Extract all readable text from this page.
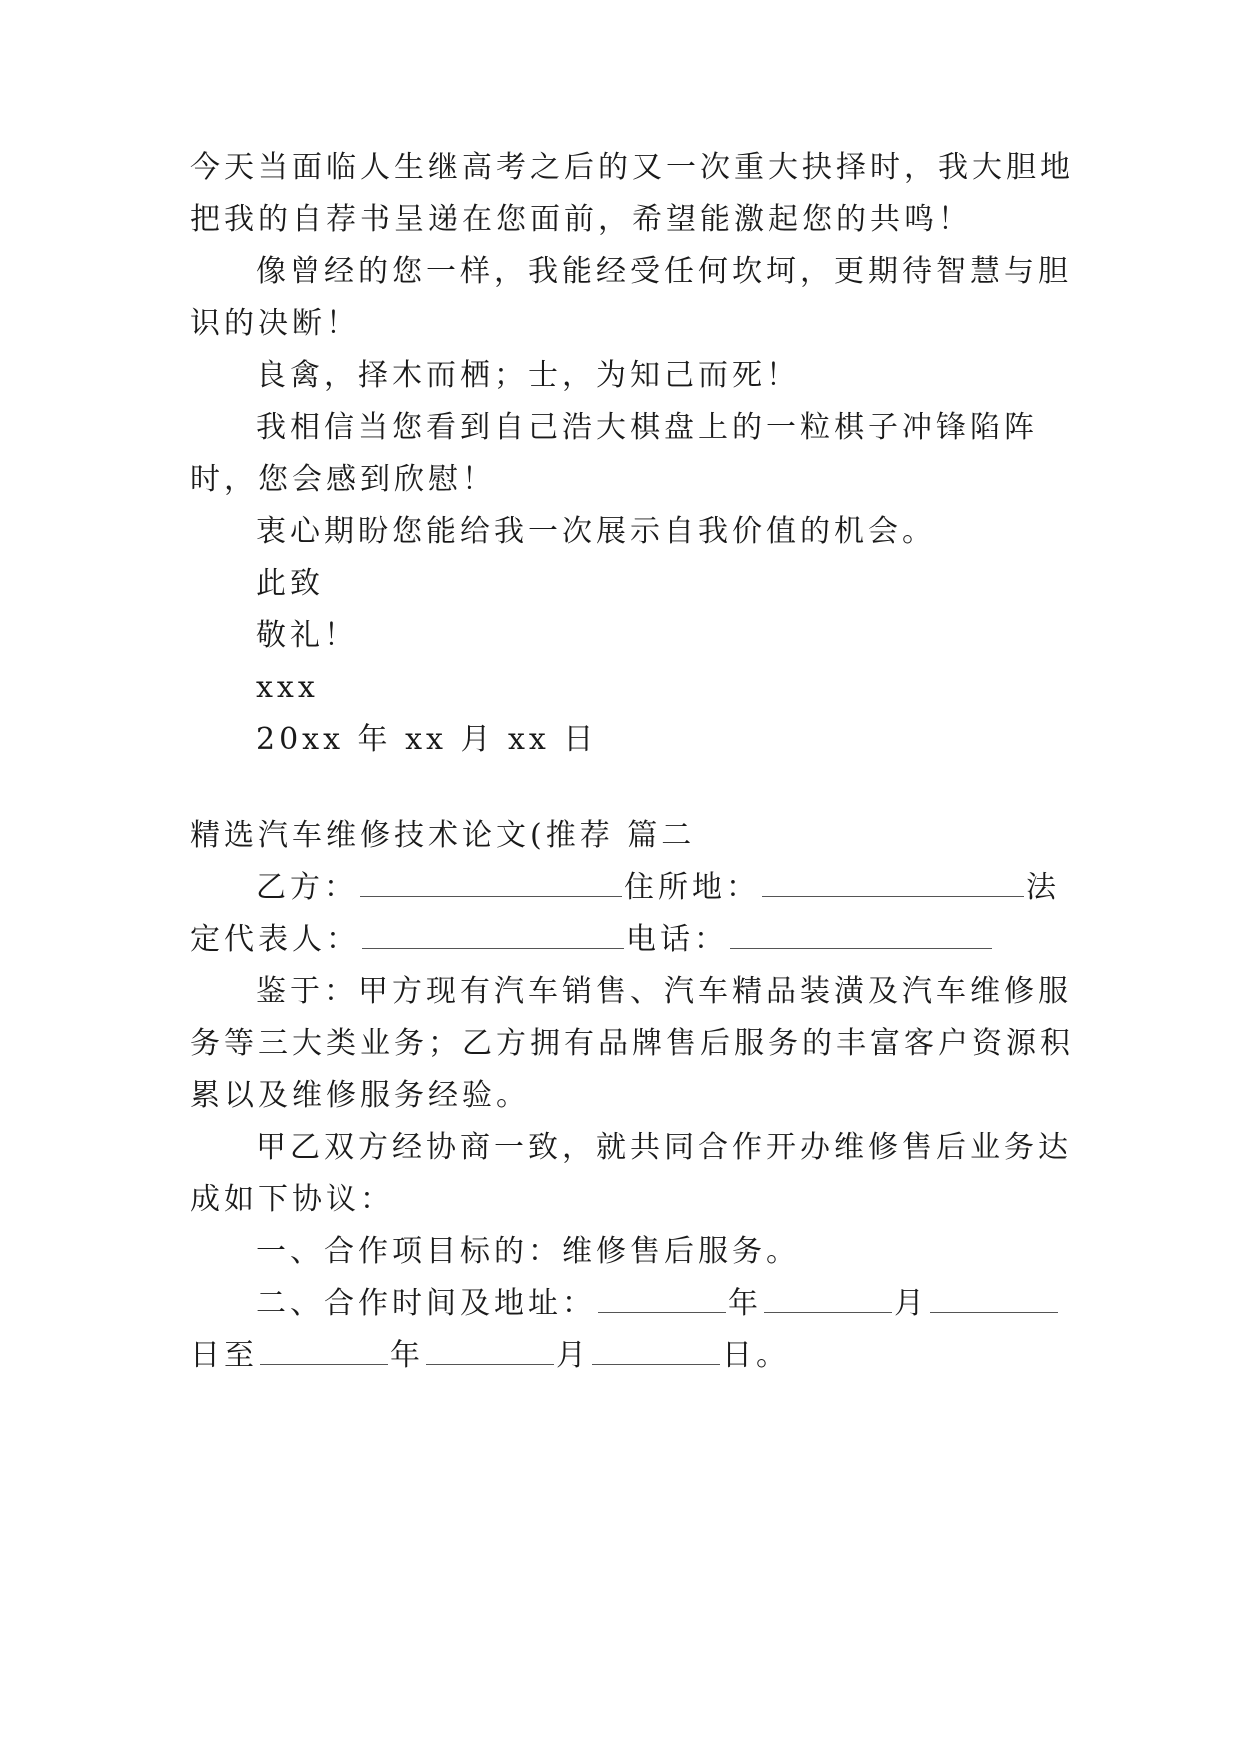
今天当面临人生继高考之后的又一次重大抉择时，我大胆地
把我的自荐书呈递在您面前，希望能激起您的共鸣！
像曾经的您一样，我能经受任何坎坷，更期待智慧与胆
识的决断！
良禽，择木而栖；士，为知己而死！
我相信当您看到自己浩大棋盘上的一粒棋子冲锋陷阵
时，您会感到欣慰！
衷心期盼您能给我一次展示自我价值的机会。
此致
敬礼！
xxx
20xx 年 xx 月 xx 日
精选汽车维修技术论文(推荐 篇二
乙方：	住所地：	法
定代表人：	电话：
鉴于：甲方现有汽车销售、汽车精品装潢及汽车维修服
务等三大类业务；乙方拥有品牌售后服务的丰富客户资源积
累以及维修服务经验。
甲乙双方经协商一致，就共同合作开办维修售后业务达
成如下协议：
一、合作项目标的：维修售后服务。
二、合作时间及地址：	年	月
日至	年	月	日。
